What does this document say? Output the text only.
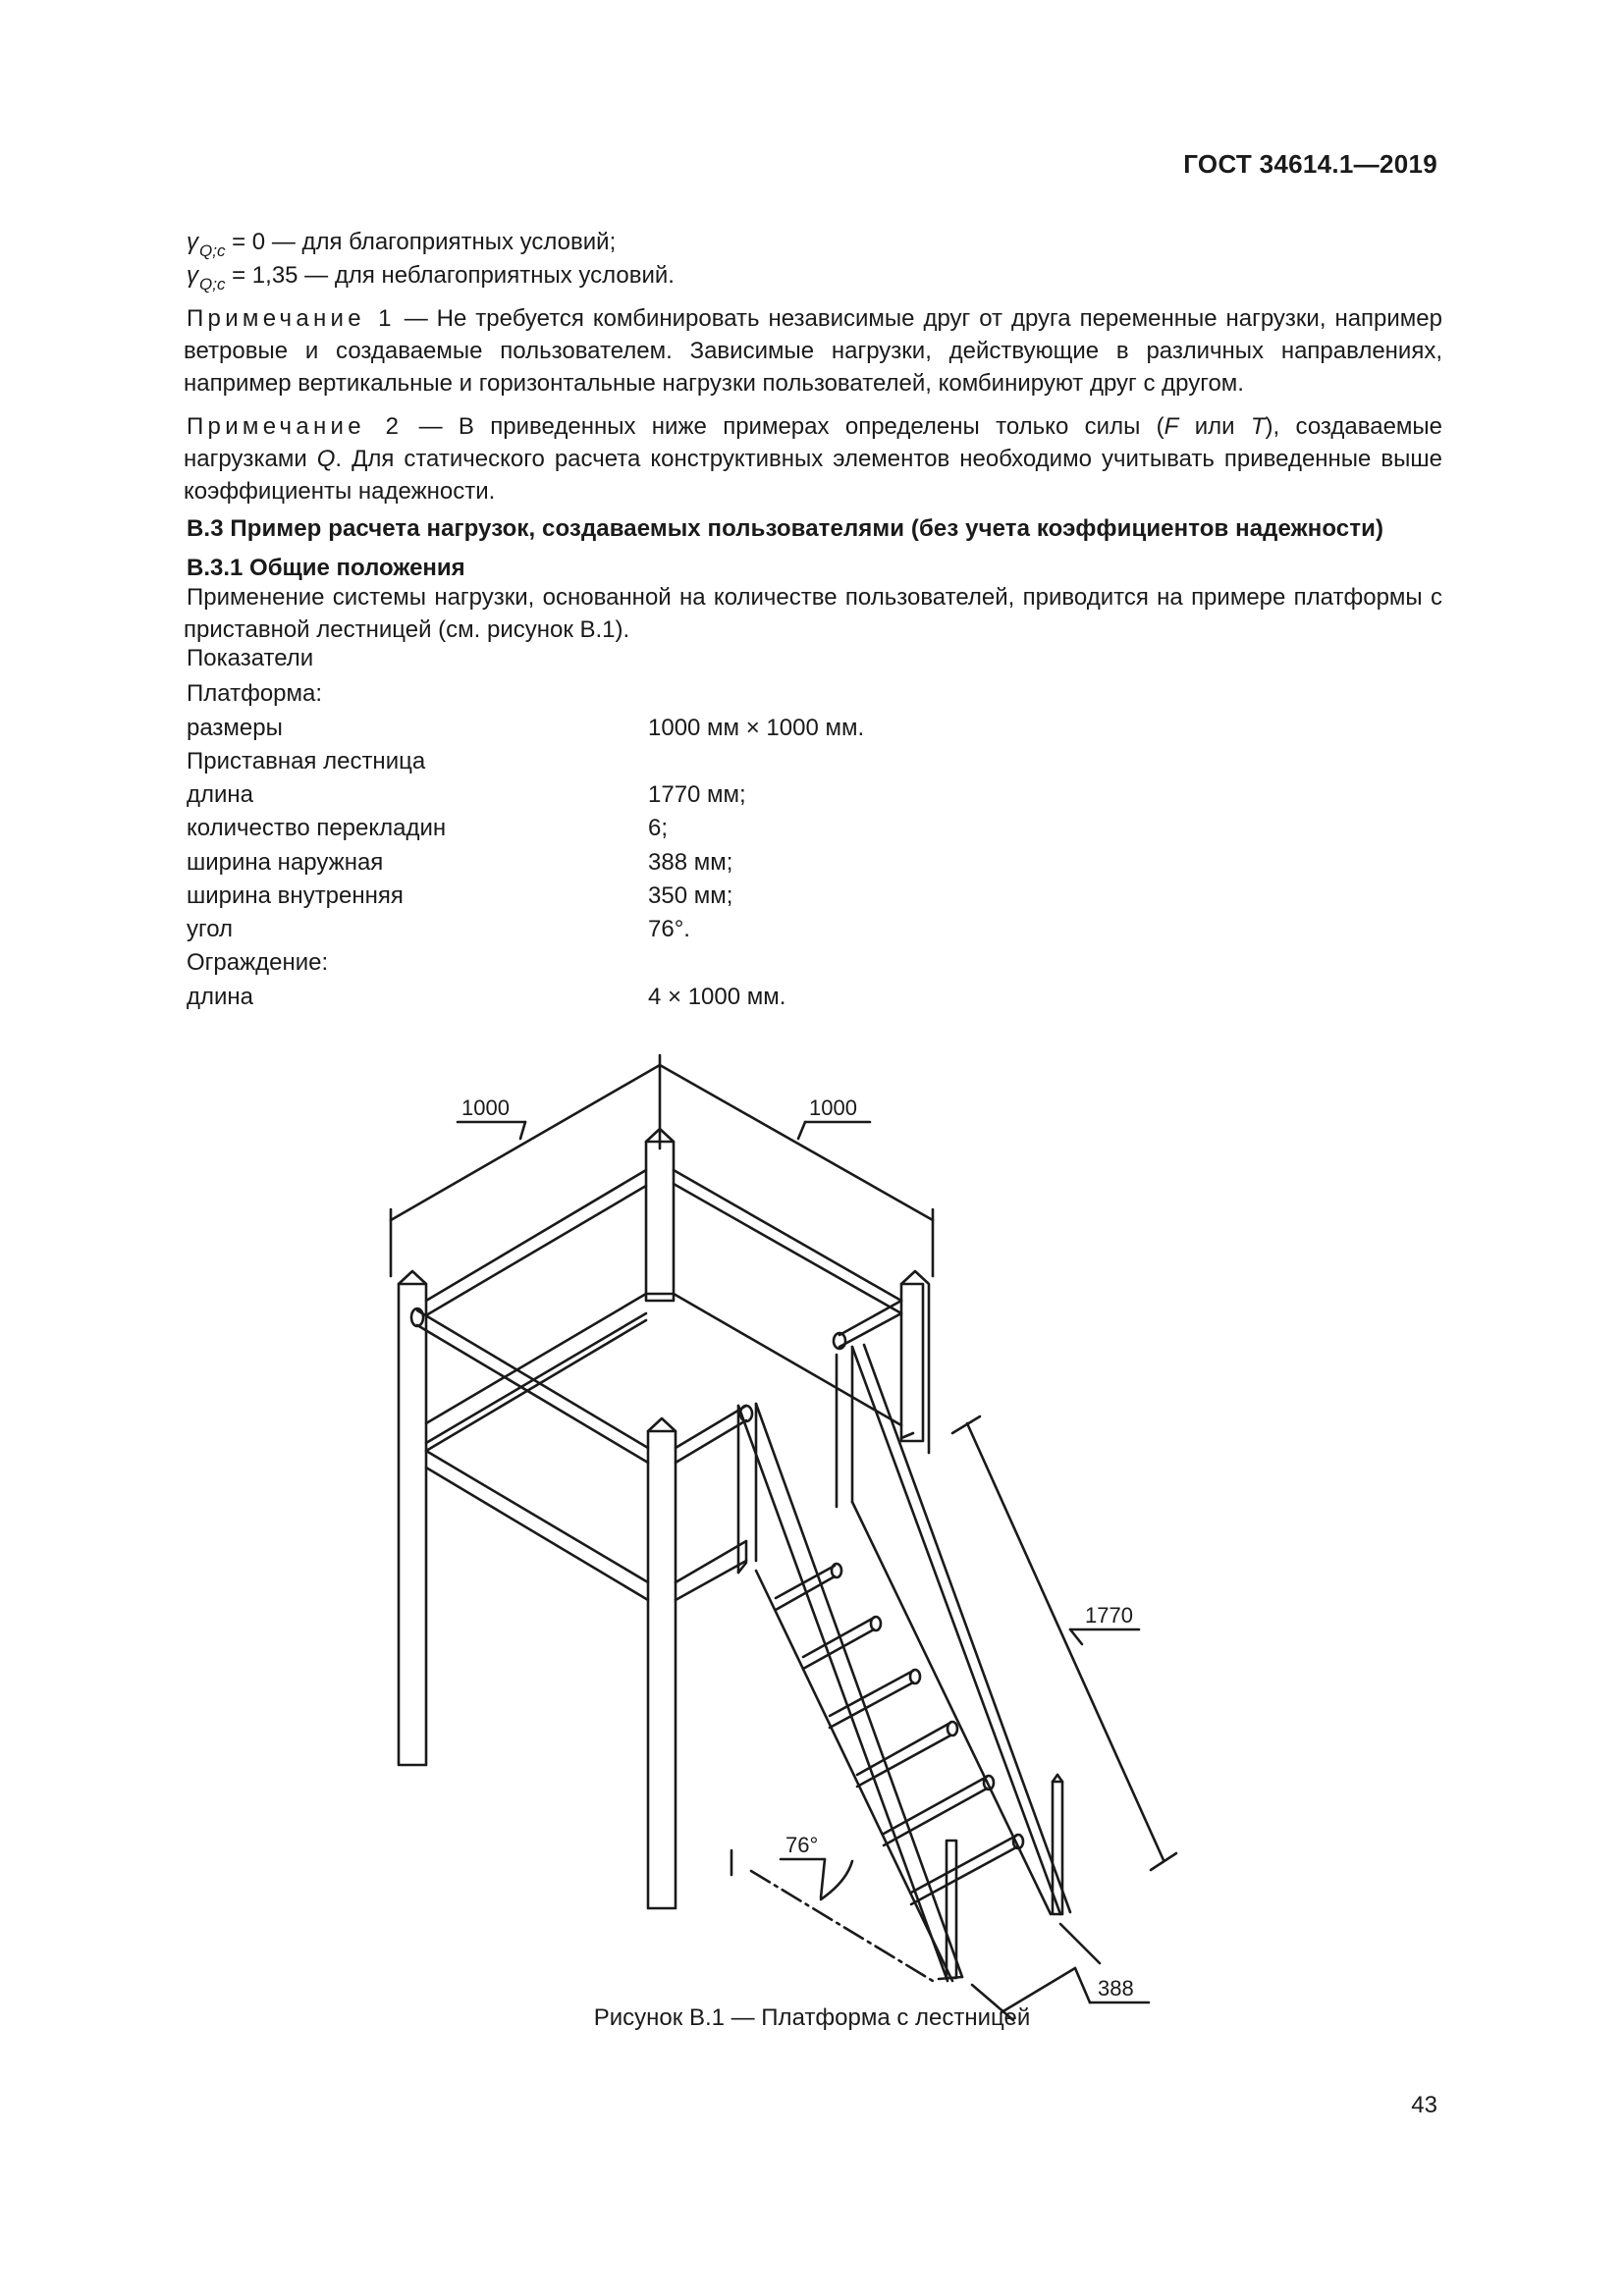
ГОСТ 34614.1—2019
$\gamma_{Q;c} = 0$ — для благоприятных условий;
$\gamma_{Q;c} = 1,35$ — для неблагоприятных условий.
Примечание 1 — Не требуется комбинировать независимые друг от друга переменные нагрузки, например ветровые и создаваемые пользователем. Зависимые нагрузки, действующие в различных направлениях, например вертикальные и горизонтальные нагрузки пользователей, комбинируют друг с другом.
Примечание 2 — В приведенных ниже примерах определены только силы (F или T), создаваемые нагрузками Q. Для статического расчета конструктивных элементов необходимо учитывать приведенные выше коэффициенты надежности.
В.3 Пример расчета нагрузок, создаваемых пользователями (без учета коэффициентов надежности)
В.3.1 Общие положения
Применение системы нагрузки, основанной на количестве пользователей, приводится на примере платформы с приставной лестницей (см. рисунок В.1).
Показатели
Платформа:
размеры	1000 мм × 1000 мм.
Приставная лестница
длина	1770 мм;
количество перекладин	6;
ширина наружная	388 мм;
ширина внутренняя	350 мм;
угол	76°.
Ограждение:
длина	4 × 1000 мм.
1000	1000
1770
76°
388
Рисунок В.1 — Платформа с лестницей
43
